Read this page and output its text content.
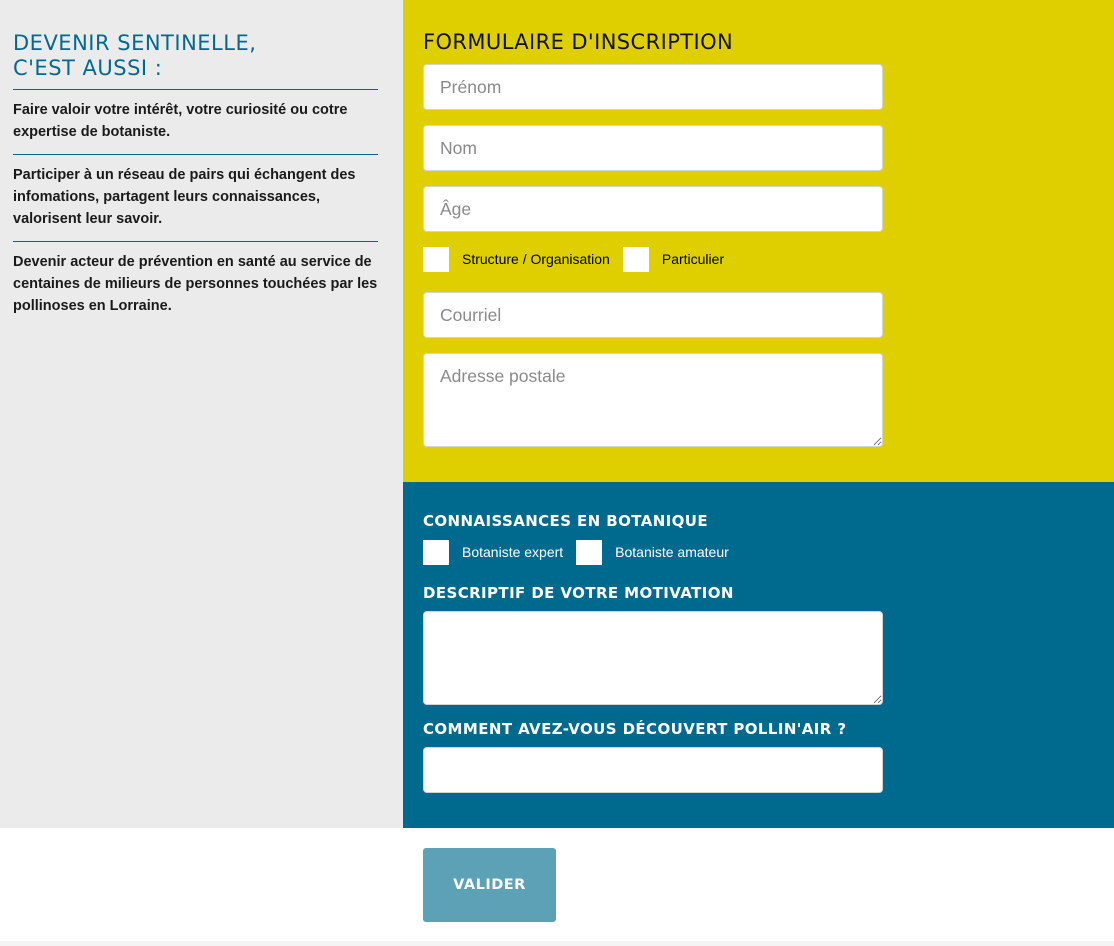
DEVENIR SENTINELLE,
C'EST AUSSI :

Faire valoir votre intérêt, votre curiosité ou cotre expertise de botaniste.

Participer à un réseau de pairs qui échangent des infomations, partagent leurs connaissances, valorisent leur savoir.

Devenir acteur de prévention en santé au service de centaines de milieurs de personnes touchées par les pollinoses en Lorraine.

FORMULAIRE D'INSCRIPTION
Prénom
Nom
Âge
Structure / Organisation	Particulier
Courriel
Adresse postale
CONNAISSANCES EN BOTANIQUE
Botaniste expert	Botaniste amateur
DESCRIPTIF DE VOTRE MOTIVATION
COMMENT AVEZ-VOUS DÉCOUVERT POLLIN'AIR ?
VALIDER
